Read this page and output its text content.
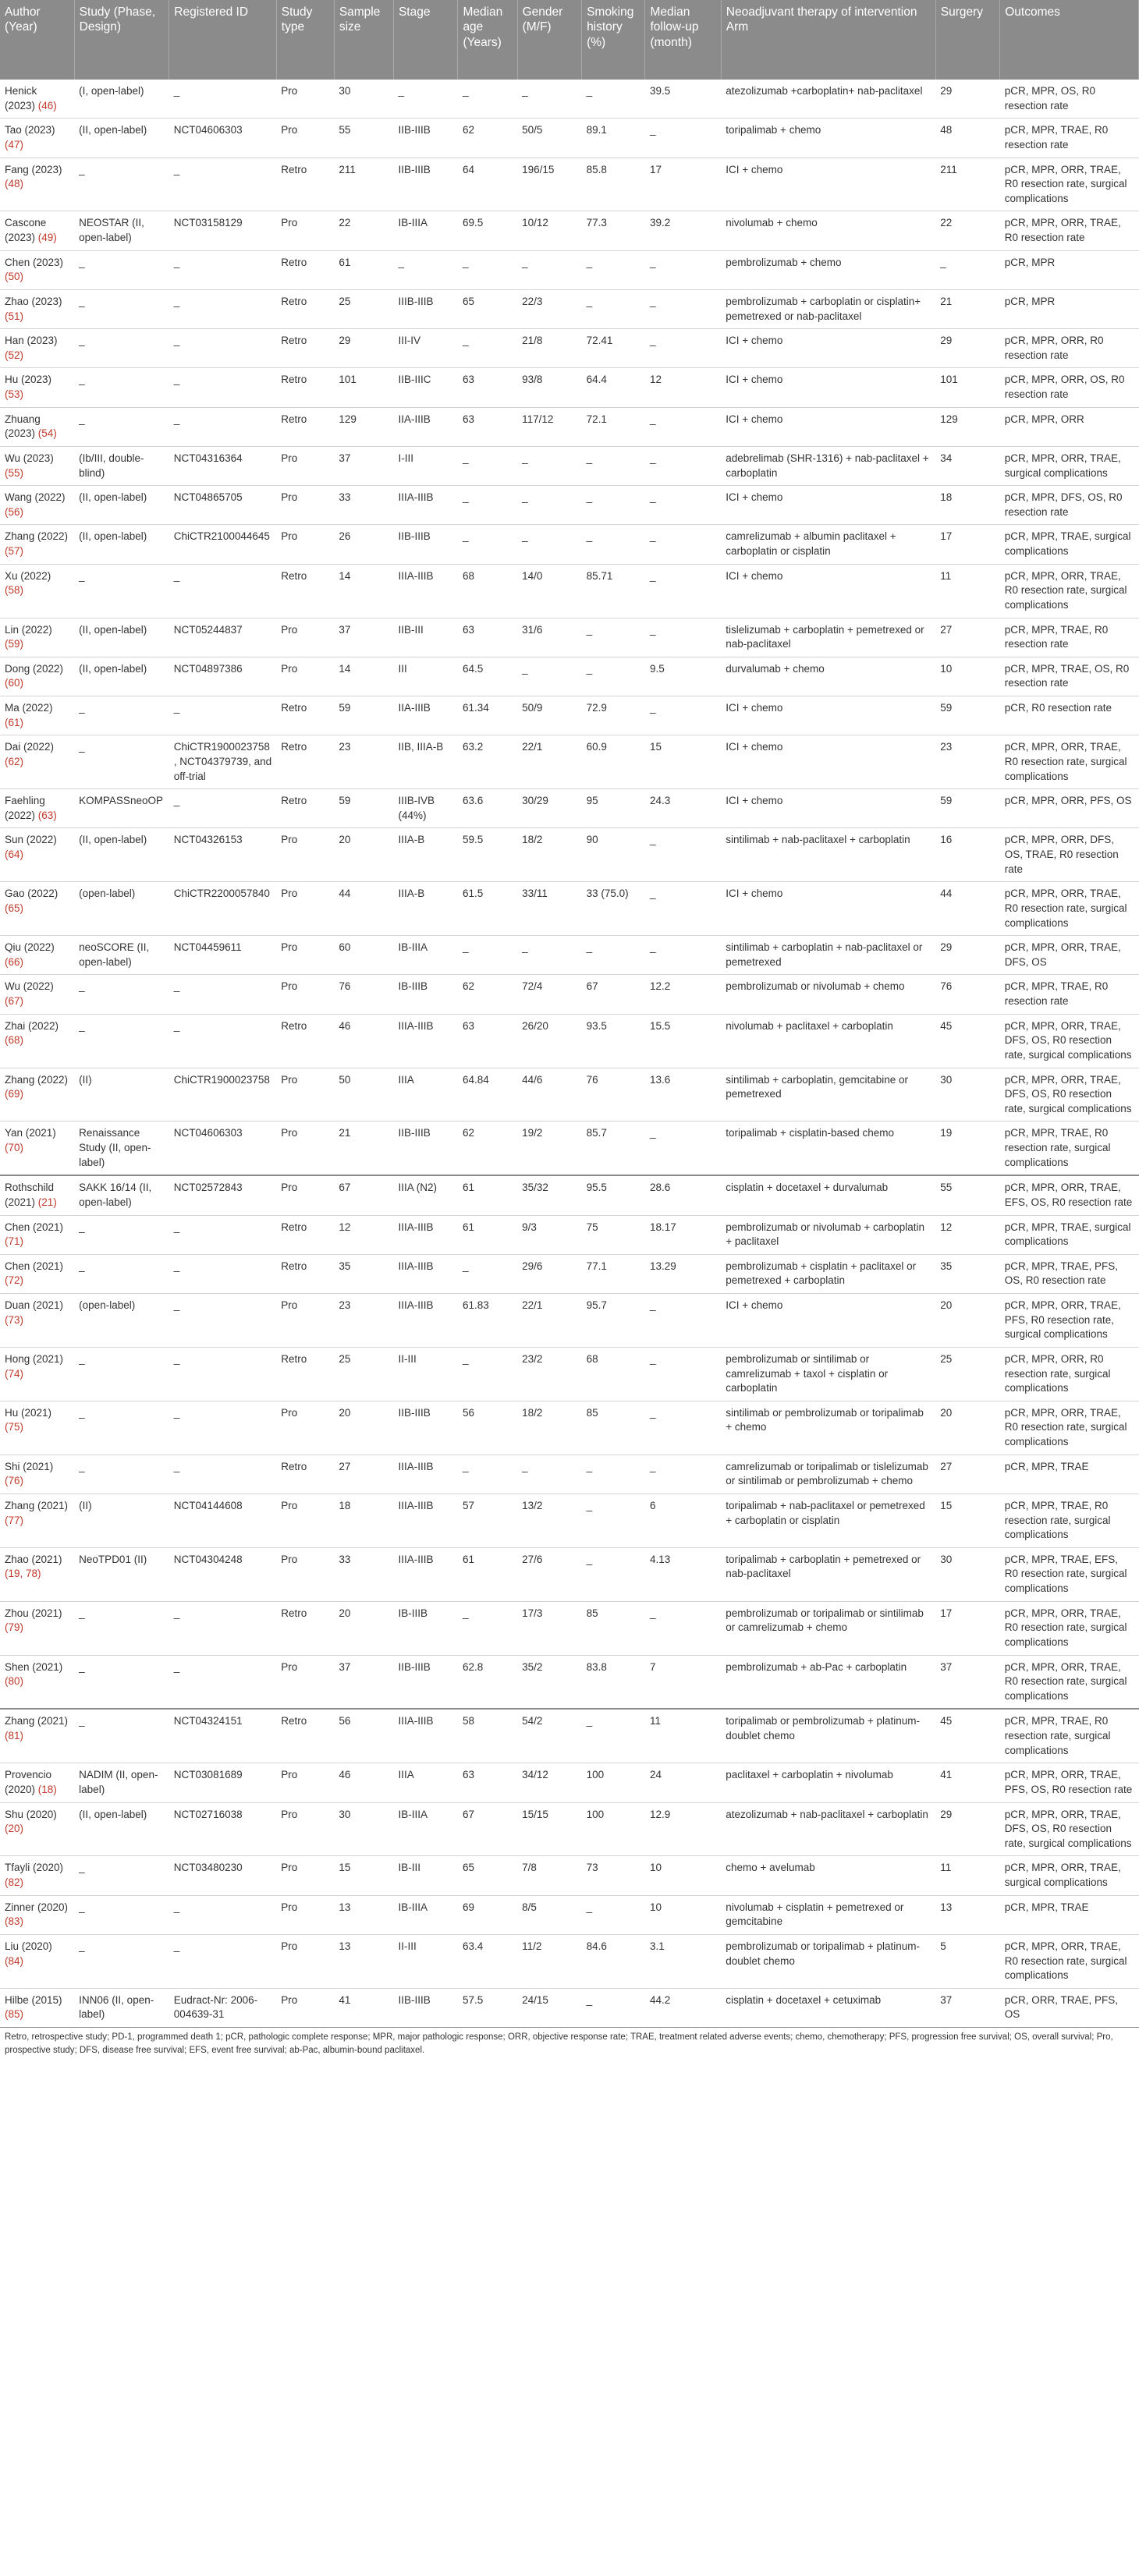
Author (Year)	Study (Phase, Design)	Registered ID	Study type	Sample size	Stage	Median age (Years)	Gender (M/F)	Smoking history (%)	Median follow-up (month)	Neoadjuvant therapy of intervention Arm	Surgery	Outcomes
Henick (2023) (46)	(I, open-label)	_	Pro	30	_	_	_	_	39.5	atezolizumab +carboplatin+ nab-paclitaxel	29	pCR, MPR, OS, R0 resection rate
Tao (2023) (47)	(II, open-label)	NCT04606303	Pro	55	IIB-IIIB	62	50/5	89.1	_	toripalimab + chemo	48	pCR, MPR, TRAE, R0 resection rate
Fang (2023) (48)	_	_	Retro	211	IIB-IIIB	64	196/15	85.8	17	ICI + chemo	211	pCR, MPR, ORR, TRAE, R0 resection rate, surgical complications
Cascone (2023) (49)	NEOSTAR (II, open-label)	NCT03158129	Pro	22	IB-IIIA	69.5	10/12	77.3	39.2	nivolumab + chemo	22	pCR, MPR, ORR, TRAE, R0 resection rate
Chen (2023) (50)	_	_	Retro	61	_	_	_	_	_	pembrolizumab + chemo	_	pCR, MPR
Zhao (2023) (51)	_	_	Retro	25	IIIB-IIIB	65	22/3	_	_	pembrolizumab + carboplatin or cisplatin+ pemetrexed or nab-paclitaxel	21	pCR, MPR
Han (2023) (52)	_	_	Retro	29	III-IV	_	21/8	72.41	_	ICI + chemo	29	pCR, MPR, ORR, R0 resection rate
Hu (2023) (53)	_	_	Retro	101	IIB-IIIC	63	93/8	64.4	12	ICI + chemo	101	pCR, MPR, ORR, OS, R0 resection rate
Zhuang (2023) (54)	_	_	Retro	129	IIA-IIIB	63	117/12	72.1	_	ICI + chemo	129	pCR, MPR, ORR
Wu (2023) (55)	(Ib/III, double-blind)	NCT04316364	Pro	37	I-III	_	_	_	_	adebrelimab (SHR-1316) + nab-paclitaxel + carboplatin	34	pCR, MPR, ORR, TRAE, surgical complications
Wang (2022) (56)	(II, open-label)	NCT04865705	Pro	33	IIIA-IIIB	_	_	_	_	ICI + chemo	18	pCR, MPR, DFS, OS, R0 resection rate
Zhang (2022) (57)	(II, open-label)	ChiCTR2100044645	Pro	26	IIB-IIIB	_	_	_	_	camrelizumab + albumin paclitaxel + carboplatin or cisplatin	17	pCR, MPR, TRAE, surgical complications
Xu (2022) (58)	_	_	Retro	14	IIIA-IIIB	68	14/0	85.71	_	ICI + chemo	11	pCR, MPR, ORR, TRAE, R0 resection rate, surgical complications
Lin (2022) (59)	(II, open-label)	NCT05244837	Pro	37	IIB-III	63	31/6	_	_	tislelizumab + carboplatin + pemetrexed or nab-paclitaxel	27	pCR, MPR, TRAE, R0 resection rate
Dong (2022) (60)	(II, open-label)	NCT04897386	Pro	14	III	64.5	_	_	9.5	durvalumab + chemo	10	pCR, MPR, TRAE, OS, R0 resection rate
Ma (2022) (61)	_	_	Retro	59	IIA-IIIB	61.34	50/9	72.9	_	ICI + chemo	59	pCR, R0 resection rate
Dai (2022) (62)	_	ChiCTR1900023758, NCT04379739, and off-trial	Retro	23	IIB, IIIA-B	63.2	22/1	60.9	15	ICI + chemo	23	pCR, MPR, ORR, TRAE, R0 resection rate, surgical complications
Faehling (2022) (63)	KOMPASSneoOP	_	Retro	59	IIIB-IVB (44%)	63.6	30/29	95	24.3	ICI + chemo	59	pCR, MPR, ORR, PFS, OS
Sun (2022) (64)	(II, open-label)	NCT04326153	Pro	20	IIIA-B	59.5	18/2	90	_	sintilimab + nab-paclitaxel + carboplatin	16	pCR, MPR, ORR, DFS, OS, TRAE, R0 resection rate
Gao (2022) (65)	(open-label)	ChiCTR2200057840	Pro	44	IIIA-B	61.5	33/11	33 (75.0)	_	ICI + chemo	44	pCR, MPR, ORR, TRAE, R0 resection rate, surgical complications
Qiu (2022) (66)	neoSCORE (II, open-label)	NCT04459611	Pro	60	IB-IIIA	_	_	_	_	sintilimab + carboplatin + nab-paclitaxel or pemetrexed	29	pCR, MPR, ORR, TRAE, DFS, OS
Wu (2022) (67)	_	_	Pro	76	IB-IIIB	62	72/4	67	12.2	pembrolizumab or nivolumab + chemo	76	pCR, MPR, TRAE, R0 resection rate
Zhai (2022) (68)	_	_	Retro	46	IIIA-IIIB	63	26/20	93.5	15.5	nivolumab + paclitaxel + carboplatin	45	pCR, MPR, ORR, TRAE, DFS, OS, R0 resection rate, surgical complications
Zhang (2022) (69)	(II)	ChiCTR1900023758	Pro	50	IIIA	64.84	44/6	76	13.6	sintilimab + carboplatin, gemcitabine or pemetrexed	30	pCR, MPR, ORR, TRAE, DFS, OS, R0 resection rate, surgical complications
Yan (2021) (70)	Renaissance Study (II, open-label)	NCT04606303	Pro	21	IIB-IIIB	62	19/2	85.7	_	toripalimab + cisplatin-based chemo	19	pCR, MPR, TRAE, R0 resection rate, surgical complications
Rothschild (2021) (21)	SAKK 16/14 (II, open-label)	NCT02572843	Pro	67	IIIA (N2)	61	35/32	95.5	28.6	cisplatin + docetaxel + durvalumab	55	pCR, MPR, ORR, TRAE, EFS, OS, R0 resection rate
Chen (2021) (71)	_	_	Retro	12	IIIA-IIIB	61	9/3	75	18.17	pembrolizumab or nivolumab + carboplatin + paclitaxel	12	pCR, MPR, TRAE, surgical complications
Chen (2021) (72)	_	_	Retro	35	IIIA-IIIB	_	29/6	77.1	13.29	pembrolizumab + cisplatin + paclitaxel or pemetrexed + carboplatin	35	pCR, MPR, TRAE, PFS, OS, R0 resection rate
Duan (2021) (73)	(open-label)	_	Pro	23	IIIA-IIIB	61.83	22/1	95.7	_	ICI + chemo	20	pCR, MPR, ORR, TRAE, PFS, R0 resection rate, surgical complications
Hong (2021) (74)	_	_	Retro	25	II-III	_	23/2	68	_	pembrolizumab or sintilimab or camrelizumab + taxol + cisplatin or carboplatin	25	pCR, MPR, ORR, R0 resection rate, surgical complications
Hu (2021) (75)	_	_	Pro	20	IIB-IIIB	56	18/2	85	_	sintilimab or pembrolizumab or toripalimab + chemo	20	pCR, MPR, ORR, TRAE, R0 resection rate, surgical complications
Shi (2021) (76)	_	_	Retro	27	IIIA-IIIB	_	_	_	_	camrelizumab or toripalimab or tislelizumab or sintilimab or pembrolizumab + chemo	27	pCR, MPR, TRAE
Zhang (2021) (77)	(II)	NCT04144608	Pro	18	IIIA-IIIB	57	13/2	_	6	toripalimab + nab-paclitaxel or pemetrexed + carboplatin or cisplatin	15	pCR, MPR, TRAE, R0 resection rate, surgical complications
Zhao (2021) (19, 78)	NeoTPD01 (II)	NCT04304248	Pro	33	IIIA-IIIB	61	27/6	_	4.13	toripalimab + carboplatin + pemetrexed or nab-paclitaxel	30	pCR, MPR, TRAE, EFS, R0 resection rate, surgical complications
Zhou (2021) (79)	_	_	Retro	20	IB-IIIB	_	17/3	85	_	pembrolizumab or toripalimab or sintilimab or camrelizumab + chemo	17	pCR, MPR, ORR, TRAE, R0 resection rate, surgical complications
Shen (2021) (80)	_	_	Pro	37	IIB-IIIB	62.8	35/2	83.8	7	pembrolizumab + ab-Pac + carboplatin	37	pCR, MPR, ORR, TRAE, R0 resection rate, surgical complications
Zhang (2021) (81)	_	NCT04324151	Retro	56	IIIA-IIIB	58	54/2	_	11	toripalimab or pembrolizumab + platinum-doublet chemo	45	pCR, MPR, TRAE, R0 resection rate, surgical complications
Provencio (2020) (18)	NADIM (II, open-label)	NCT03081689	Pro	46	IIIA	63	34/12	100	24	paclitaxel + carboplatin + nivolumab	41	pCR, MPR, ORR, TRAE, PFS, OS, R0 resection rate
Shu (2020) (20)	(II, open-label)	NCT02716038	Pro	30	IB-IIIA	67	15/15	100	12.9	atezolizumab + nab-paclitaxel + carboplatin	29	pCR, MPR, ORR, TRAE, DFS, OS, R0 resection rate, surgical complications
Tfayli (2020) (82)	_	NCT03480230	Pro	15	IB-III	65	7/8	73	10	chemo + avelumab	11	pCR, MPR, ORR, TRAE, surgical complications
Zinner (2020) (83)	_	_	Pro	13	IB-IIIA	69	8/5	_	10	nivolumab + cisplatin + pemetrexed or gemcitabine	13	pCR, MPR, TRAE
Liu (2020) (84)	_	_	Pro	13	II-III	63.4	11/2	84.6	3.1	pembrolizumab or toripalimab + platinum-doublet chemo	5	pCR, MPR, ORR, TRAE, R0 resection rate, surgical complications
Hilbe (2015) (85)	INN06 (II, open-label)	Eudract-Nr: 2006-004639-31	Pro	41	IIB-IIIB	57.5	24/15	_	44.2	cisplatin + docetaxel + cetuximab	37	pCR, ORR, TRAE, PFS, OS
Retro, retrospective study; PD-1, programmed death 1; pCR, pathologic complete response; MPR, major pathologic response; ORR, objective response rate; TRAE, treatment related adverse events; chemo, chemotherapy; PFS, progression free survival; OS, overall survival; Pro, prospective study; DFS, disease free survival; EFS, event free survival; ab-Pac, albumin-bound paclitaxel.
